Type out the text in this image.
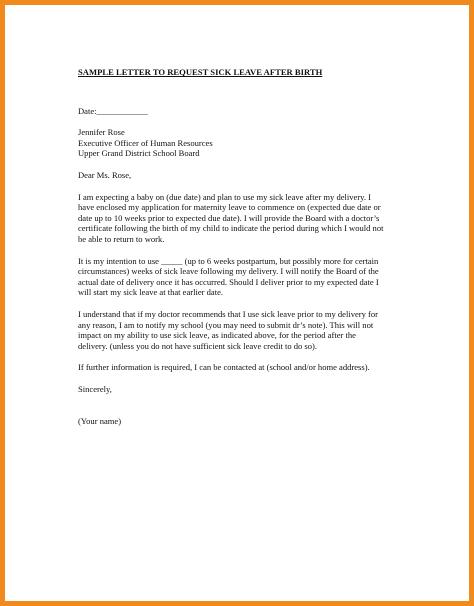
SAMPLE LETTER TO REQUEST SICK LEAVE AFTER BIRTH

Date:____________

Jennifer Rose

Executive Officer of Human Resources

Upper Grand District School Board

Dear Ms. Rose,

I am expecting a baby on (due date) and plan to use my sick leave after my delivery. I

have enclosed my application for maternity leave to commence on (expected due date or

date up to 10 weeks prior to expected due date). I will provide the Board with a doctor’s

certificate following the birth of my child to indicate the period during which I would not

be able to return to work.

It is my intention to use _____ (up to 6 weeks postpartum, but possibly more for certain

circumstances) weeks of sick leave following my delivery. I will notify the Board of the

actual date of delivery once it has occurred. Should I deliver prior to my expected date I

will start my sick leave at that earlier date.

I understand that if my doctor recommends that I use sick leave prior to my delivery for

any reason, I am to notify my school (you may need to submit dr’s note). This will not

impact on my ability to use sick leave, as indicated above, for the period after the

delivery. (unless you do not have sufficient sick leave credit to do so).

If further information is required, I can be contacted at (school and/or home address).

Sincerely,

(Your name)
